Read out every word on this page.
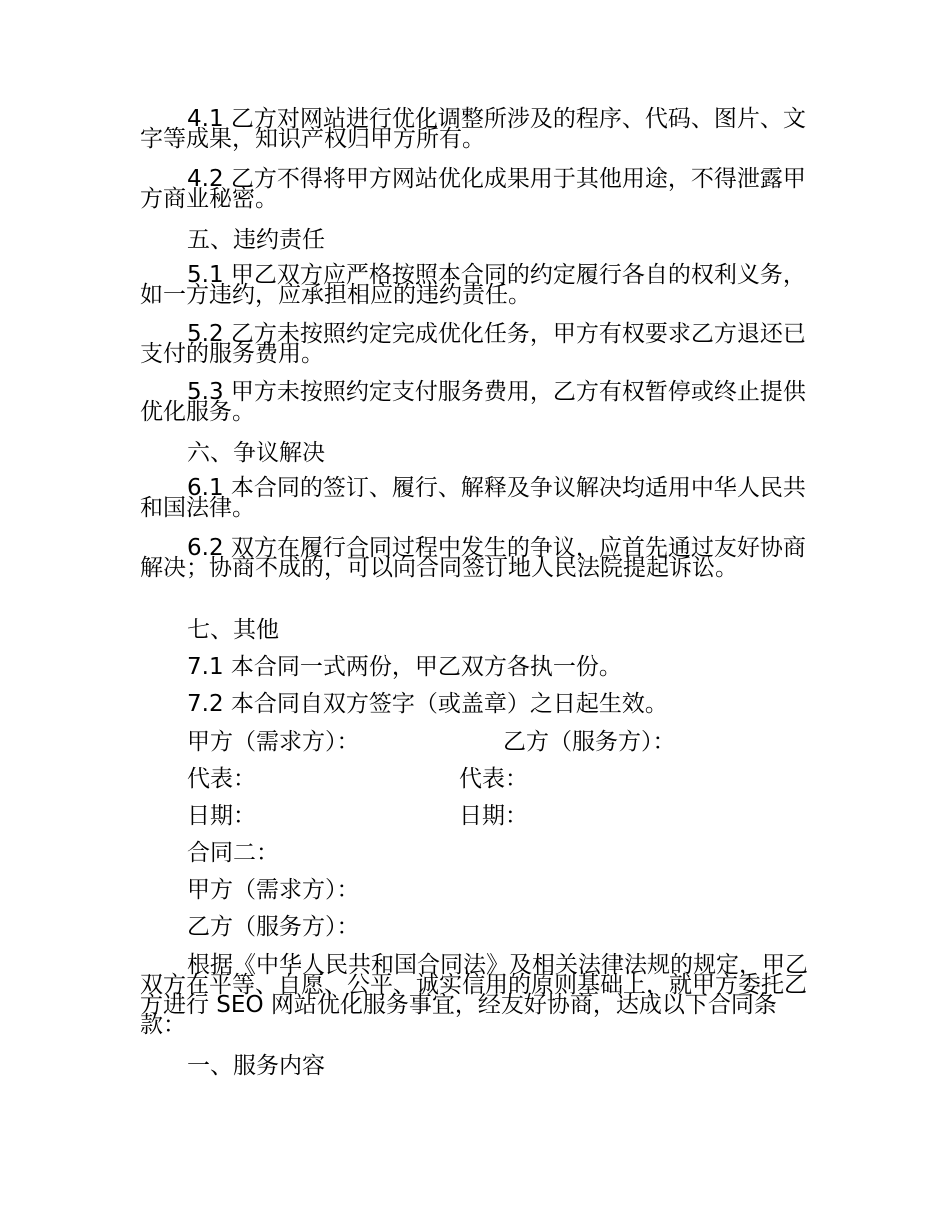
4.1 乙方对网站进行优化调整所涉及的程序、代码、图片、文字等成果，知识产权归甲方所有。

4.2 乙方不得将甲方网站优化成果用于其他用途，不得泄露甲方商业秘密。

五、违约责任

5.1 甲乙双方应严格按照本合同的约定履行各自的权利义务，如一方违约，应承担相应的违约责任。

5.2 乙方未按照约定完成优化任务，甲方有权要求乙方退还已支付的服务费用。

5.3 甲方未按照约定支付服务费用，乙方有权暂停或终止提供优化服务。

六、争议解决

6.1 本合同的签订、履行、解释及争议解决均适用中华人民共和国法律。

6.2 双方在履行合同过程中发生的争议，应首先通过友好协商解决；协商不成的，可以向合同签订地人民法院提起诉讼。

七、其他

7.1 本合同一式两份，甲乙双方各执一份。

7.2 本合同自双方签字（或盖章）之日起生效。

甲方（需求方）：	乙方（服务方）：

代表：	代表：

日期：	日期：

合同二：

甲方（需求方）：

乙方（服务方）：

根据《中华人民共和国合同法》及相关法律法规的规定，甲乙双方在平等、自愿、公平、诚实信用的原则基础上，就甲方委托乙方进行 SEO 网站优化服务事宜，经友好协商，达成以下合同条款：

一、服务内容
